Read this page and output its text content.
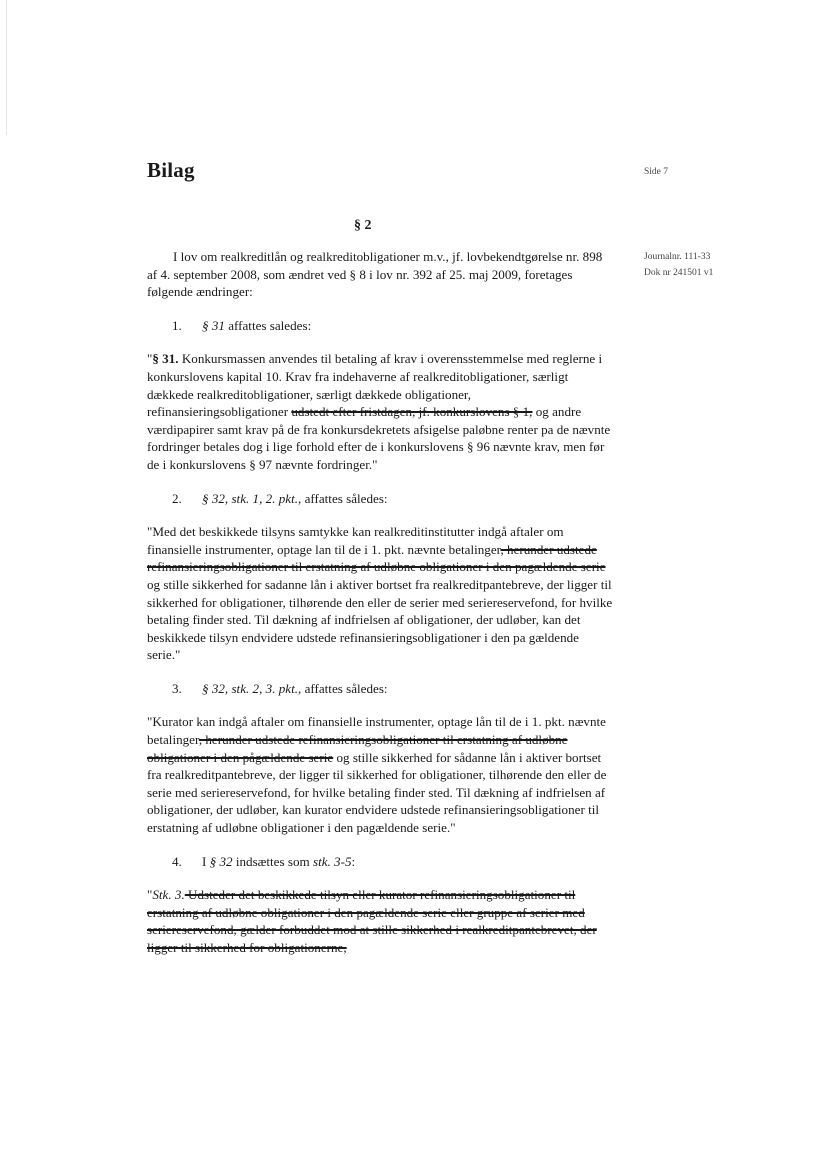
Bilag	Side 7
Journalnr. 111-33
Dok nr 241501 v1
§ 2

I lov om realkreditlån og realkreditobligationer m.v., jf. lovbekendtgørelse nr. 898 af 4. september 2008, som ændret ved § 8 i lov nr. 392 af 25. maj 2009, foretages følgende ændringer:

1. § 31 affattes saledes:

"§ 31. Konkursmassen anvendes til betaling af krav i overensstemmelse med reglerne i konkurslovens kapital 10. Krav fra indehaverne af realkreditobligationer, særligt dækkede realkreditobligationer, særligt dækkede obligationer, refinansieringsobligationer udstedt efter fristdagen, jf. konkurslovens § 1, og andre værdipapirer samt krav på de fra konkursdekretets afsigelse paløbne renter pa de nævnte fordringer betales dog i lige forhold efter de i konkurslovens § 96 nævnte krav, men før de i konkurslovens § 97 nævnte fordringer."

2. § 32, stk. 1, 2. pkt., affattes således:

"Med det beskikkede tilsyns samtykke kan realkreditinstitutter indgå aftaler om finansielle instrumenter, optage lan til de i 1. pkt. nævnte betalinger, herunder udstede refinansieringsobligationer til erstatning af udløbne obligationer i den pagældende serie og stille sikkerhed for sadanne lån i aktiver bortset fra realkreditpantebreve, der ligger til sikkerhed for obligationer, tilhørende den eller de serier med seriereservefond, for hvilke betaling finder sted. Til dækning af indfrielsen af obligationer, der udløber, kan det beskikkede tilsyn endvidere udstede refinansieringsobligationer i den pa gældende serie."

3. § 32, stk. 2, 3. pkt., affattes således:

"Kurator kan indgå aftaler om finansielle instrumenter, optage lån til de i 1. pkt. nævnte betalinger, herunder udstede refinansieringsobligationer til erstatning af udløbne obligationer i den pågældende serie og stille sikkerhed for sådanne lån i aktiver bortset fra realkreditpantebreve, der ligger til sikkerhed for obligationer, tilhørende den eller de serie med seriereservefond, for hvilke betaling finder sted. Til dækning af indfrielsen af obligationer, der udløber, kan kurator endvidere udstede refinansieringsobligationer til erstatning af udløbne obligationer i den pagældende serie."

4. I § 32 indsættes som stk. 3-5:

"Stk. 3. Udsteder det beskikkede tilsyn eller kurator refinansieringsobligationer til erstatning af udløbne obligationer i den pagældende serie eller gruppe af serier med seriereservefond, gælder forbuddet mod at stille sikkerhed i realkreditpantebrevet, der ligger til sikkerhed for obligationerne,
